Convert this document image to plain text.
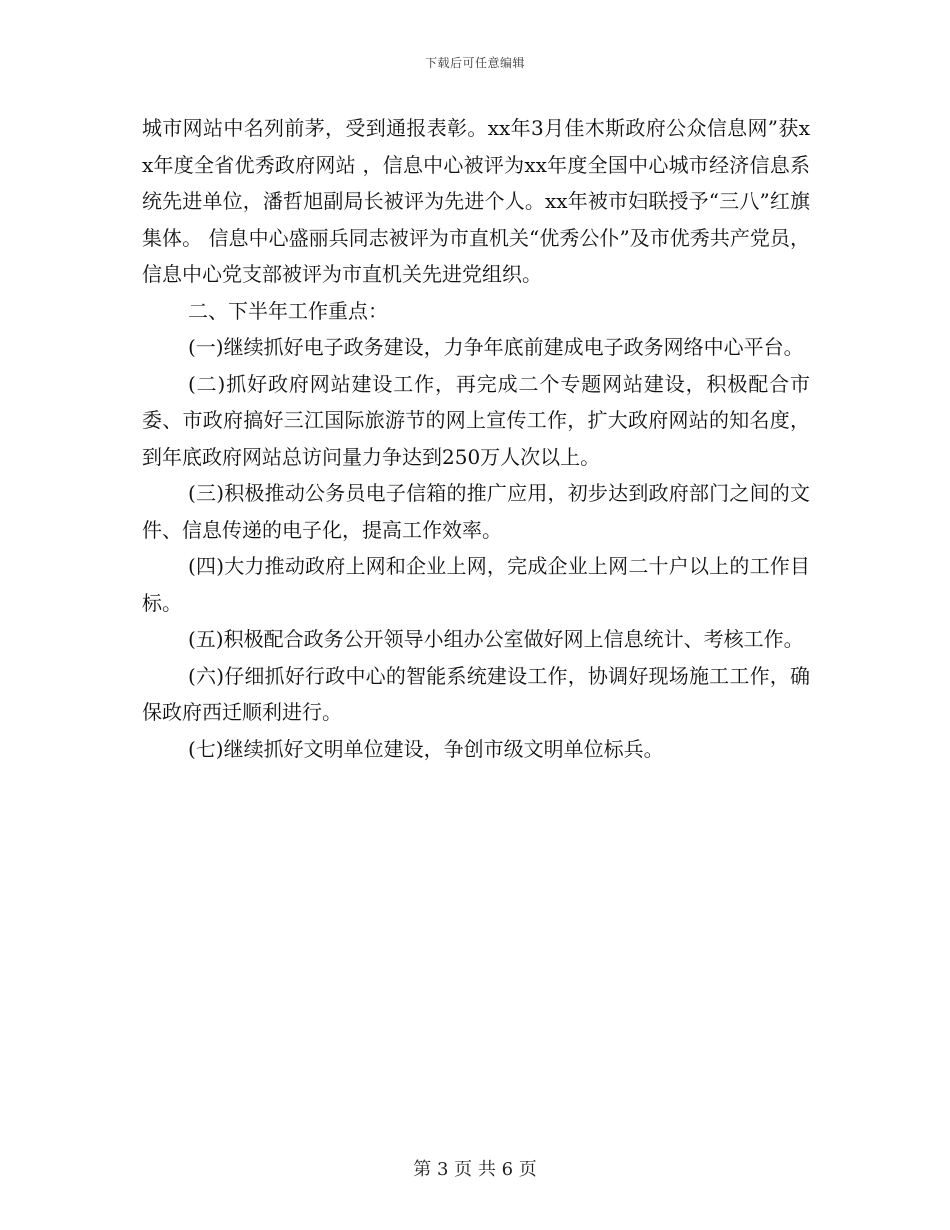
下载后可任意编辑

城市网站中名列前茅，受到通报表彰。xx年3月佳木斯政府公众信息网”获xx年度全省优秀政府网站 ，信息中心被评为xx年度全国中心城市经济信息系统先进单位，潘哲旭副局长被评为先进个人。xx年被市妇联授予“三八”红旗集体。 信息中心盛丽兵同志被评为市直机关“优秀公仆”及市优秀共产党员，信息中心党支部被评为市直机关先进党组织。

二、下半年工作重点：

(一)继续抓好电子政务建设，力争年底前建成电子政务网络中心平台。

(二)抓好政府网站建设工作，再完成二个专题网站建设，积极配合市委、市政府搞好三江国际旅游节的网上宣传工作，扩大政府网站的知名度，到年底政府网站总访问量力争达到250万人次以上。

(三)积极推动公务员电子信箱的推广应用，初步达到政府部门之间的文件、信息传递的电子化，提高工作效率。

(四)大力推动政府上网和企业上网，完成企业上网二十户以上的工作目标。

(五)积极配合政务公开领导小组办公室做好网上信息统计、考核工作。

(六)仔细抓好行政中心的智能系统建设工作，协调好现场施工工作，确保政府西迁顺利进行。

(七)继续抓好文明单位建设，争创市级文明单位标兵。

第 3 页 共 6 页
